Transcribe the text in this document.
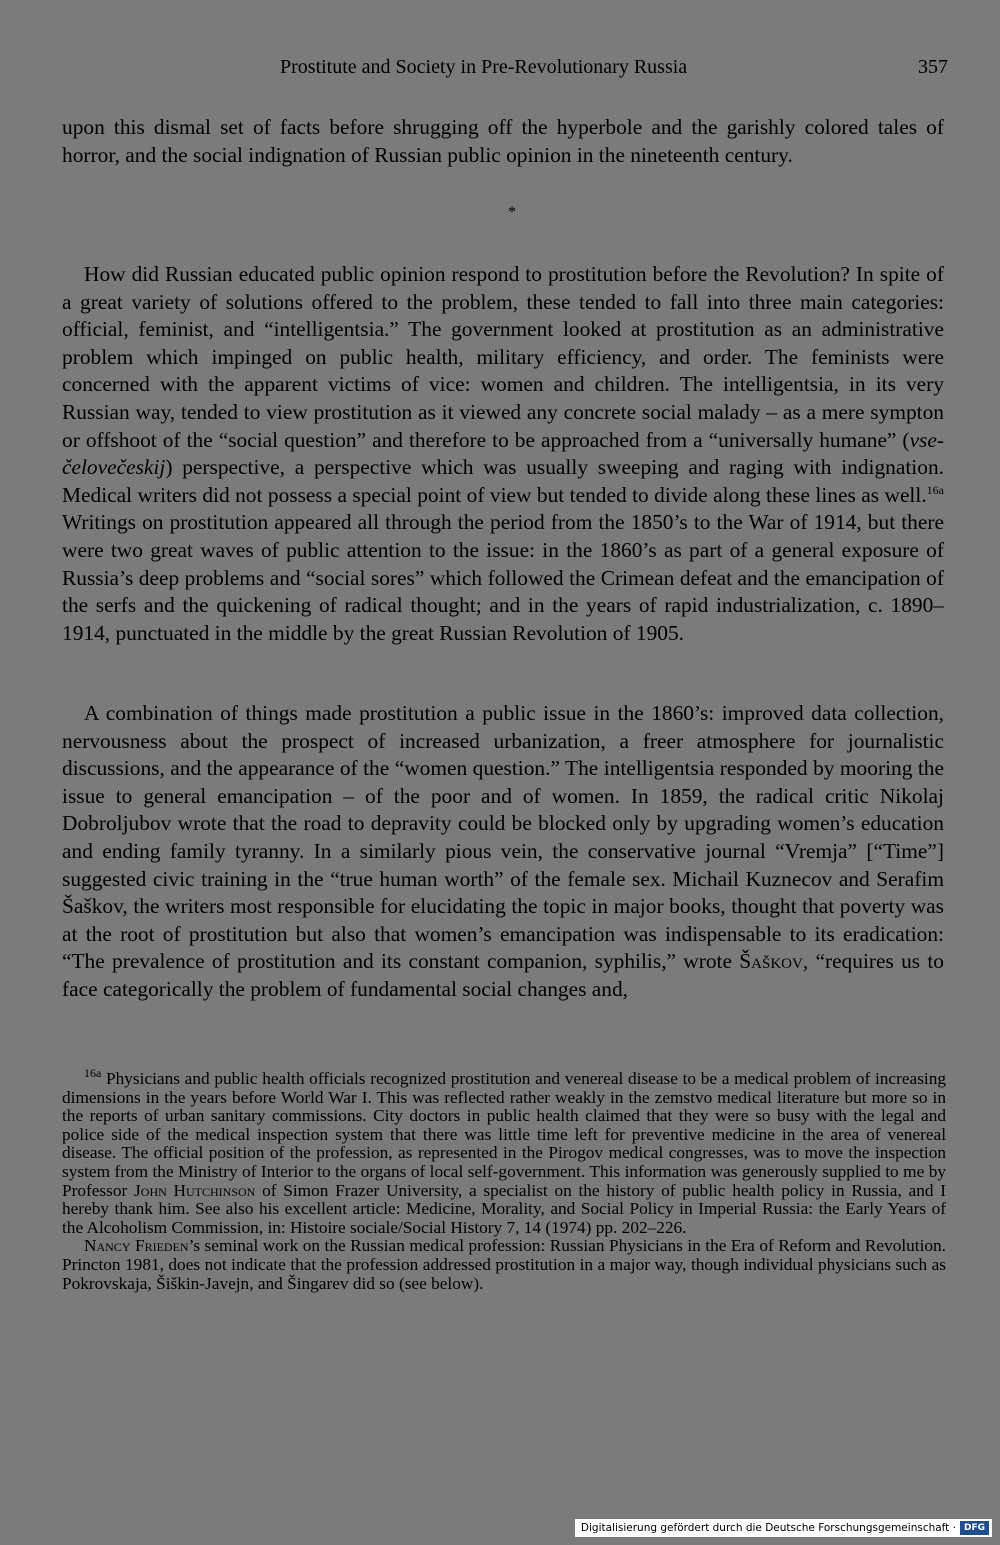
Prostitute and Society in Pre-Revolutionary Russia	357

upon this dismal set of facts before shrugging off the hyperbole and the garishly colored tales of horror, and the social indignation of Russian public opinion in the nineteenth century.

*

How did Russian educated public opinion respond to prostitution before the Revolution? In spite of a great variety of solutions offered to the problem, these tended to fall into three main categories: official, feminist, and “intelligentsia.” The government looked at prostitution as an administrative problem which impinged on public health, military efficiency, and order. The feminists were concerned with the apparent victims of vice: women and children. The intelligentsia, in its very Russian way, tended to view prostitution as it viewed any concrete social malady – as a mere sympton or offshoot of the “social question” and therefore to be approached from a “universally humane” (vse-čelovečeskij) perspective, a perspective which was usually sweeping and raging with indignation. Medical writers did not possess a special point of view but tended to divide along these lines as well.$^{16a}$ Writings on prostitution appeared all through the period from the 1850’s to the War of 1914, but there were two great waves of public attention to the issue: in the 1860’s as part of a general exposure of Russia’s deep problems and “social sores” which followed the Crimean defeat and the emancipation of the serfs and the quickening of radical thought; and in the years of rapid industrialization, c. 1890–1914, punctuated in the middle by the great Russian Revolution of 1905.

A combination of things made prostitution a public issue in the 1860’s: improved data collection, nervousness about the prospect of increased urbanization, a freer atmosphere for journalistic discussions, and the appearance of the “women question.” The intelligentsia responded by mooring the issue to general emancipation – of the poor and of women. In 1859, the radical critic Nikolaj Dobroljubov wrote that the road to depravity could be blocked only by upgrading women’s education and ending family tyranny. In a similarly pious vein, the conservative journal “Vremja” [“Time”] suggested civic training in the “true human worth” of the female sex. Michail Kuznecov and Serafim Šaškov, the writers most responsible for elucidating the topic in major books, thought that poverty was at the root of prostitution but also that women’s emancipation was indispensable to its eradication: “The prevalence of prostitution and its constant companion, syphilis,” wrote Šaškov, “requires us to face categorically the problem of fundamental social changes and,

$^{16a}$ Physicians and public health officials recognized prostitution and venereal disease to be a medical problem of increasing dimensions in the years before World War I. This was reflected rather weakly in the zemstvo medical literature but more so in the reports of urban sanitary commissions. City doctors in public health claimed that they were so busy with the legal and police side of the medical inspection system that there was little time left for preventive medicine in the area of venereal disease. The official position of the profession, as represented in the Pirogov medical congresses, was to move the inspection system from the Ministry of Interior to the organs of local self-government. This information was generously supplied to me by Professor John Hutchinson of Simon Frazer University, a specialist on the history of public health policy in Russia, and I hereby thank him. See also his excellent article: Medicine, Morality, and Social Policy in Imperial Russia: the Early Years of the Alcoholism Commission, in: Histoire sociale/Social History 7, 14 (1974) pp. 202–226.

Nancy Frieden’s seminal work on the Russian medical profession: Russian Physicians in the Era of Reform and Revolution. Princton 1981, does not indicate that the profession addressed prostitution in a major way, though individual physicians such as Pokrovskaja, Šiškin-Javejn, and Šingarev did so (see below).

Digitalisierung gefördert durch die Deutsche Forschungsgemeinschaft · DFG
